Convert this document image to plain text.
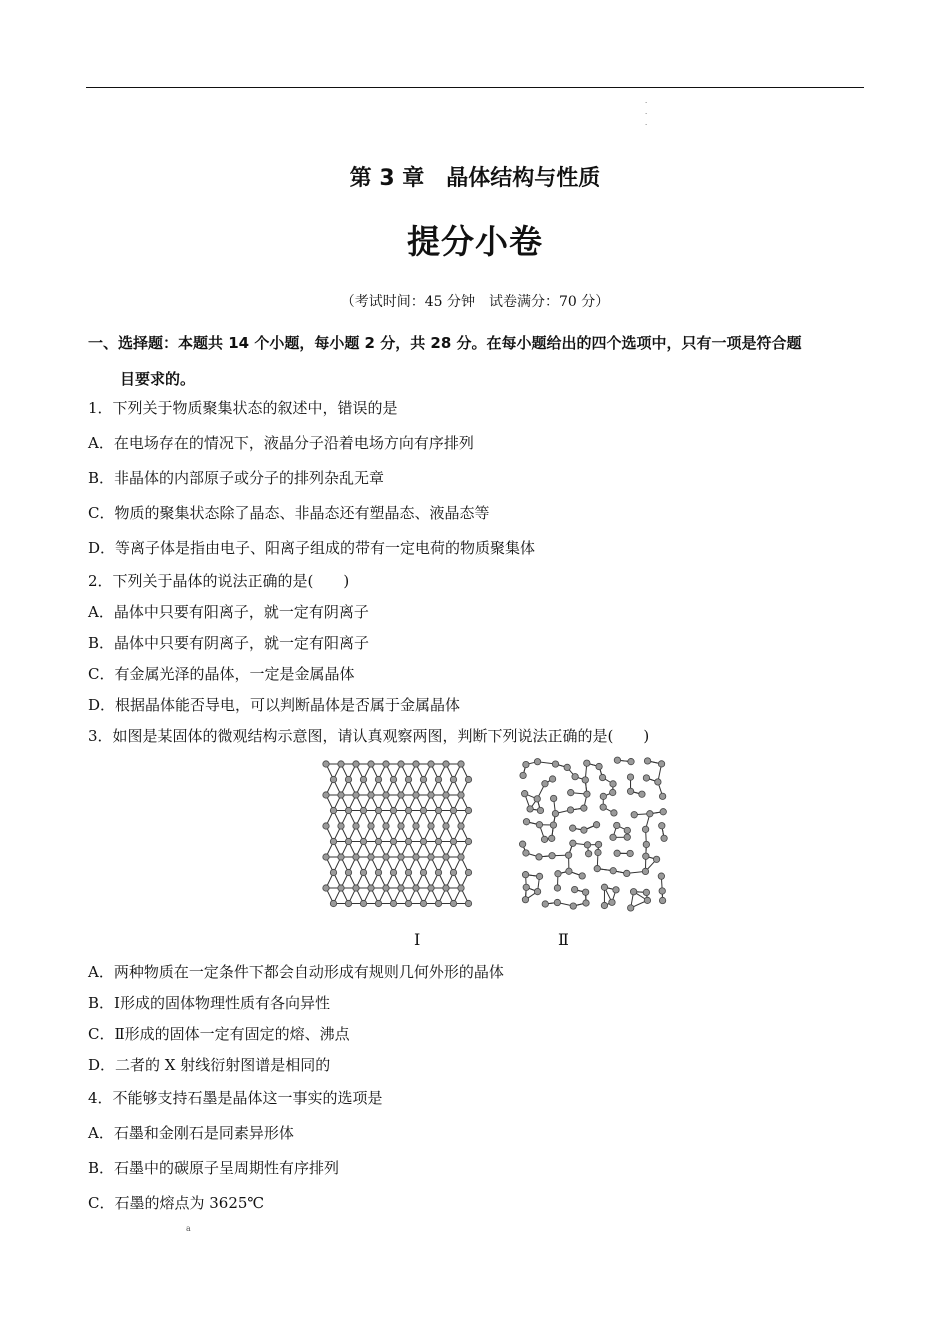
·
·
·
第 3 章　晶体结构与性质
提分小卷
（考试时间：45 分钟　试卷满分：70 分）
一、选择题：本题共 14 个小题，每小题 2 分，共 28 分。在每小题给出的四个选项中，只有一项是符合题
目要求的。
1．下列关于物质聚集状态的叙述中，错误的是
A．在电场存在的情况下，液晶分子沿着电场方向有序排列
B．非晶体的内部原子或分子的排列杂乱无章
C．物质的聚集状态除了晶态、非晶态还有塑晶态、液晶态等
D．等离子体是指由电子、阳离子组成的带有一定电荷的物质聚集体
2．下列关于晶体的说法正确的是(　　)
A．晶体中只要有阳离子，就一定有阴离子
B．晶体中只要有阴离子，就一定有阳离子
C．有金属光泽的晶体，一定是金属晶体
D．根据晶体能否导电，可以判断晶体是否属于金属晶体
3．如图是某固体的微观结构示意图，请认真观察两图，判断下列说法正确的是(　　)
Ⅰ	Ⅱ
A．两种物质在一定条件下都会自动形成有规则几何外形的晶体
B．Ⅰ形成的固体物理性质有各向异性
C．Ⅱ形成的固体一定有固定的熔、沸点
D．二者的 X 射线衍射图谱是相同的
4．不能够支持石墨是晶体这一事实的选项是
A．石墨和金刚石是同素异形体
B．石墨中的碳原子呈周期性有序排列
C．石墨的熔点为 3625℃
a
